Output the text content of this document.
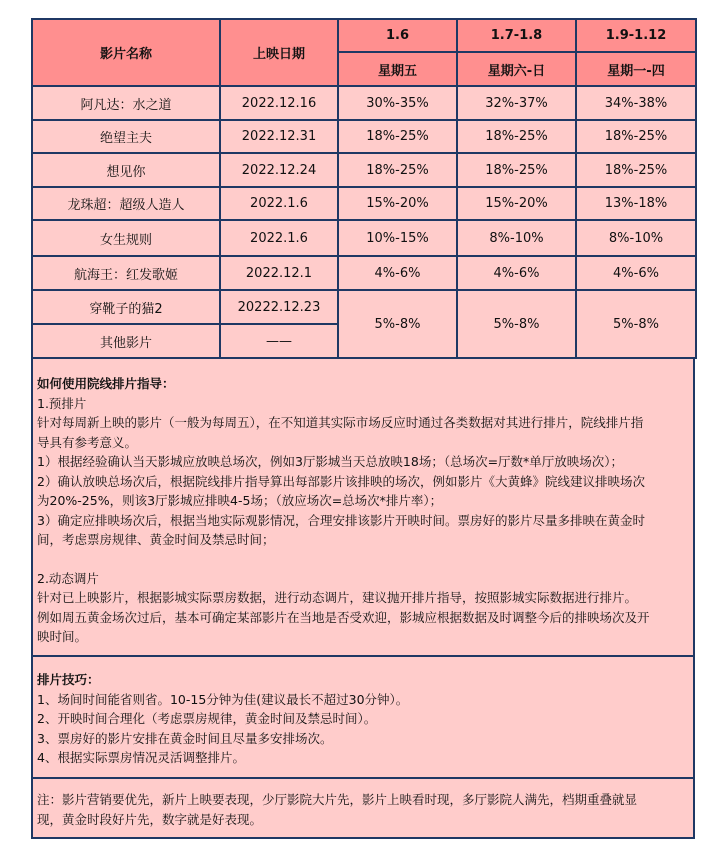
影片名称	上映日期	1.6	1.7-1.8	1.9-1.12
		星期五	星期六-日	星期一-四
阿凡达：水之道	2022.12.16	30%-35%	32%-37%	34%-38%
绝望主夫	2022.12.31	18%-25%	18%-25%	18%-25%
想见你	2022.12.24	18%-25%	18%-25%	18%-25%
龙珠超：超级人造人	2022.1.6	15%-20%	15%-20%	13%-18%
女生规则	2022.1.6	10%-15%	8%-10%	8%-10%
航海王：红发歌姬	2022.12.1	4%-6%	4%-6%	4%-6%
穿靴子的猫2	20222.12.23	5%-8%	5%-8%	5%-8%
其他影片	——			
如何使用院线排片指导：
1.预排片
针对每周新上映的影片（一般为每周五），在不知道其实际市场反应时通过各类数据对其进行排片，院线排片指
导具有参考意义。
1）根据经验确认当天影城应放映总场次，例如3厅影城当天总放映18场；（总场次=厅数*单厅放映场次）；
2）确认放映总场次后，根据院线排片指导算出每部影片该排映的场次，例如影片《大黄蜂》院线建议排映场次
为20%-25%，则该3厅影城应排映4-5场；（放应场次=总场次*排片率）；
3）确定应排映场次后，根据当地实际观影情况，合理安排该影片开映时间。票房好的影片尽量多排映在黄金时
间，考虑票房规律、黄金时间及禁忌时间；
2.动态调片
针对已上映影片，根据影城实际票房数据，进行动态调片，建议抛开排片指导，按照影城实际数据进行排片。
例如周五黄金场次过后，基本可确定某部影片在当地是否受欢迎，影城应根据数据及时调整今后的排映场次及开
映时间。
排片技巧：
1、场间时间能省则省。10-15分钟为佳(建议最长不超过30分钟）。
2、开映时间合理化（考虑票房规律，黄金时间及禁忌时间）。
3、票房好的影片安排在黄金时间且尽量多安排场次。
4、根据实际票房情况灵活调整排片。
注：影片营销要优先，新片上映要表现，少厅影院大片先，影片上映看时现，多厅影院人满先，档期重叠就显
现，黄金时段好片先，数字就是好表现。
